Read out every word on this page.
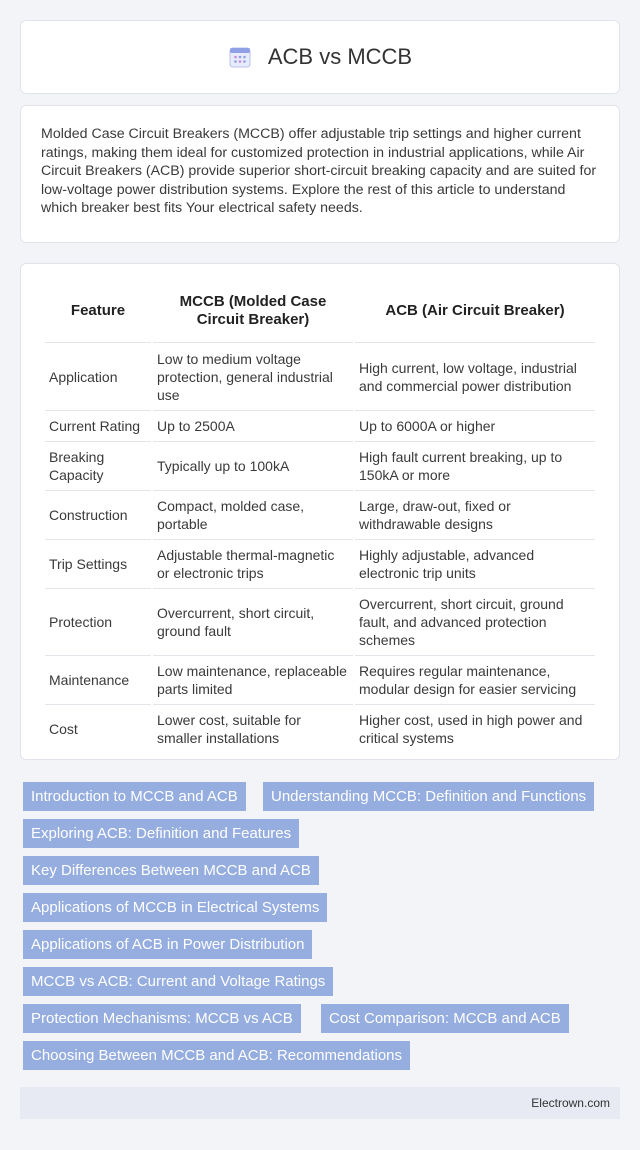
ACB vs MCCB

Molded Case Circuit Breakers (MCCB) offer adjustable trip settings and higher current ratings, making them ideal for customized protection in industrial applications, while Air Circuit Breakers (ACB) provide superior short-circuit breaking capacity and are suited for low-voltage power distribution systems. Explore the rest of this article to understand which breaker best fits Your electrical safety needs.

Feature	MCCB (Molded Case Circuit Breaker)	ACB (Air Circuit Breaker)
Application	Low to medium voltage protection, general industrial use	High current, low voltage, industrial and commercial power distribution
Current Rating	Up to 2500A	Up to 6000A or higher
Breaking Capacity	Typically up to 100kA	High fault current breaking, up to 150kA or more
Construction	Compact, molded case, portable	Large, draw-out, fixed or withdrawable designs
Trip Settings	Adjustable thermal-magnetic or electronic trips	Highly adjustable, advanced electronic trip units
Protection	Overcurrent, short circuit, ground fault	Overcurrent, short circuit, ground fault, and advanced protection schemes
Maintenance	Low maintenance, replaceable parts limited	Requires regular maintenance, modular design for easier servicing
Cost	Lower cost, suitable for smaller installations	Higher cost, used in high power and critical systems
Introduction to MCCB and ACB	Understanding MCCB: Definition and Functions
Exploring ACB: Definition and Features
Key Differences Between MCCB and ACB
Applications of MCCB in Electrical Systems
Applications of ACB in Power Distribution
MCCB vs ACB: Current and Voltage Ratings
Protection Mechanisms: MCCB vs ACB	Cost Comparison: MCCB and ACB
Choosing Between MCCB and ACB: Recommendations
Electrown.com
